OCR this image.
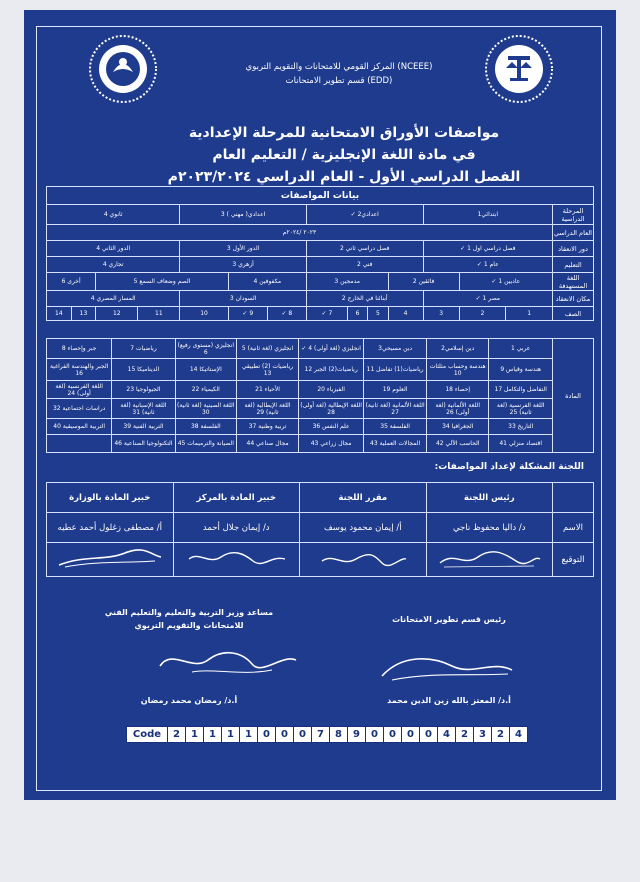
المركز القومي للامتحانات والتقويم التربوي (NCEEE)
قسم تطوير الامتحانات (EDD)
مواصفات الأوراق الامتحانية للمرحلة الإعدادية
في مادة اللغة الإنجليزية / التعليم العام
الفصل الدراسي الأول - العام الدراسي ٢٠٢٣/٢٠٢٤م
بيانات المواصفات														
المرحلة الدراسية	ابتدائي1			اعدادي2 ✓				اعدادي( مهني ) 3			ثانوي 4			
العام الدراسي	٢٠٢٣ /٢٠٢٤م													
دور الانعقاد	فصل دراسي اول 1 ✓			فصل دراسي ثاني 2				الدور الأول 3			الدور الثاني 4			
التعليم	عام 1 ✓			فني 2				أزهري 3			تجاري 4			
اللغة المستهدفة	عاديين 1 ✓		فائقين 2		مدمجين 3			مكفوفين 4		الصم وضعاف السمع 5			أخرى 6	
مكان الانعقاد	مصر 1 ✓			أبنائنا في الخارج 2				السودان 3			المسار المصري 4			
الصف	1	2	3	4	5	6	7 ✓	8 ✓	9 ✓	10	11	12	13	14
المادة	عربي 1	دين إسلامي2	دين مسيحي3	انجليزي (لغة أولى) 4 ✓	انجليزي (لغة ثانية) 5	انجليزي (مستوى رفيع) 6	رياضيات 7	جبر وإحصاء 8
	هندسة وقياس 9	هندسة وحساب مثلثات 10	رياضيات(1) تفاضل 11	رياضيات(2) الجبر 12	رياضيات (2) تطبيقي 13	الإستاتيكا 14	الديناميكا 15	الجبر والهندسة الفراغية 16
	التفاضل والتكامل 17	إحصاء 18	العلوم 19	الفيزياء 20	الأحياء 21	الكيمياء 22	الجيولوجيا 23	اللغة الفرنسية (لغة أولى) 24
	اللغة الفرنسية (لغة ثانية) 25	اللغة الألمانية (لغة أولى) 26	اللغة الألمانية (لغة ثانية) 27	اللغة الإيطالية (لغة أولى) 28	اللغة الإيطالية (لغة ثانية) 29	اللغة الصينية (لغة ثانية) 30	اللغة الإسبانية (لغة ثانية) 31	دراسات اجتماعية 32
	التاريخ 33	الجغرافيا 34	الفلسفة 35	علم النفس 36	تربية وطنية 37	الفلسفة 38	التربية الفنية 39	التربية الموسيقية 40
	اقتصاد منزلي 41	الحاسب الآلي 42	المجالات العملية 43	مجال زراعي 43	مجال صناعي 44	الصيانة والترميمات 45	التكنولوجيا الصناعية 46	
اللجنة المشكلة لإعداد المواصفات:
	رئيس اللجنة	مقرر اللجنة	خبير المادة بالمركز	خبير المادة بالوزارة
الاسم	د/ داليا محفوظ ناجي	أ/ إيمان محمود يوسف	د/ إيمان جلال أحمد	أ/ مصطفى زغلول أحمد عطيه
التوقيع				
رئيس قسم تطوير الامتحانات
مساعد وزير التربية والتعليم والتعليم الفني
للامتحانات والتقويم التربوي
أ.د/ المعتز بالله زين الدين محمد
أ.د/ رمضان محمد رمضان
Code	2	1	1	1	1	0	0	0	7	8	9	0	0	0	0	4	2	3	2	4
